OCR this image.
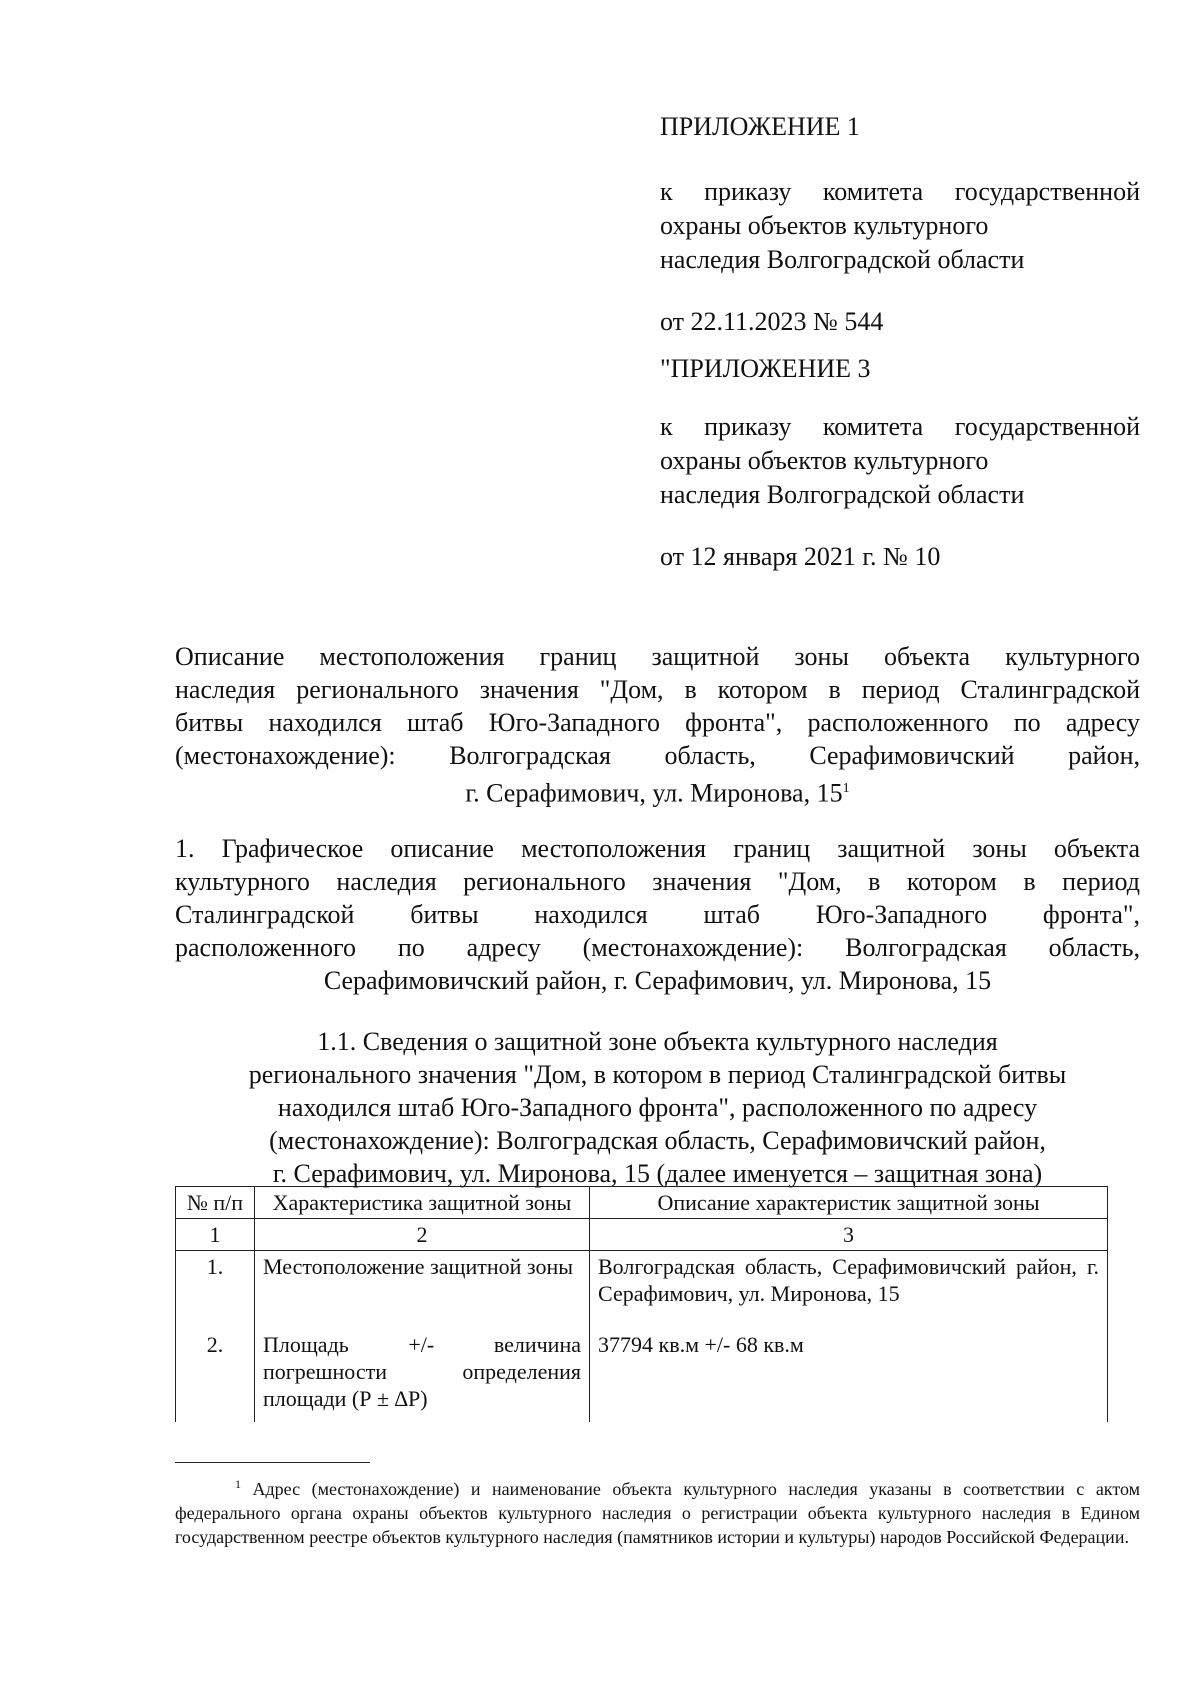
ПРИЛОЖЕНИЕ 1
к приказу комитета государственной
охраны объектов культурного
наследия Волгоградской области
от 22.11.2023 № 544
"ПРИЛОЖЕНИЕ 3
к приказу комитета государственной
охраны объектов культурного
наследия Волгоградской области
от 12 января 2021 г. № 10
Описание местоположения границ защитной зоны объекта культурного
наследия регионального значения "Дом, в котором в период Сталинградской
битвы находился штаб Юго-Западного фронта", расположенного по адресу
(местонахождение): Волгоградская область, Серафимовичский район,
г. Серафимович, ул. Миронова, $15^1$
1. Графическое описание местоположения границ защитной зоны объекта
культурного наследия регионального значения "Дом, в котором в период
Сталинградской битвы находился штаб Юго-Западного фронта",
расположенного по адресу (местонахождение): Волгоградская область,
Серафимовичский район, г. Серафимович, ул. Миронова, 15
1.1. Сведения о защитной зоне объекта культурного наследия
регионального значения "Дом, в котором в период Сталинградской битвы
находился штаб Юго-Западного фронта", расположенного по адресу
(местонахождение): Волгоградская область, Серафимовичский район,
г. Серафимович, ул. Миронова, 15 (далее именуется – защитная зона)
№ п/п	Характеристика защитной зоны	Описание характеристик защитной зоны
1	2	3
1.	Местоположение защитной зоны	Волгоградская область, Серафимовичский район, г. Серафимович, ул. Миронова, 15
2.	Площадь +/- величина погрешности определения площади (Р ± ∆Р)	37794 кв.м +/- 68 кв.м
$^1$ Адрес (местонахождение) и наименование объекта культурного наследия указаны в соответствии с актом федерального органа охраны объектов культурного наследия о регистрации объекта культурного наследия в Едином государственном реестре объектов культурного наследия (памятников истории и культуры) народов Российской Федерации.
